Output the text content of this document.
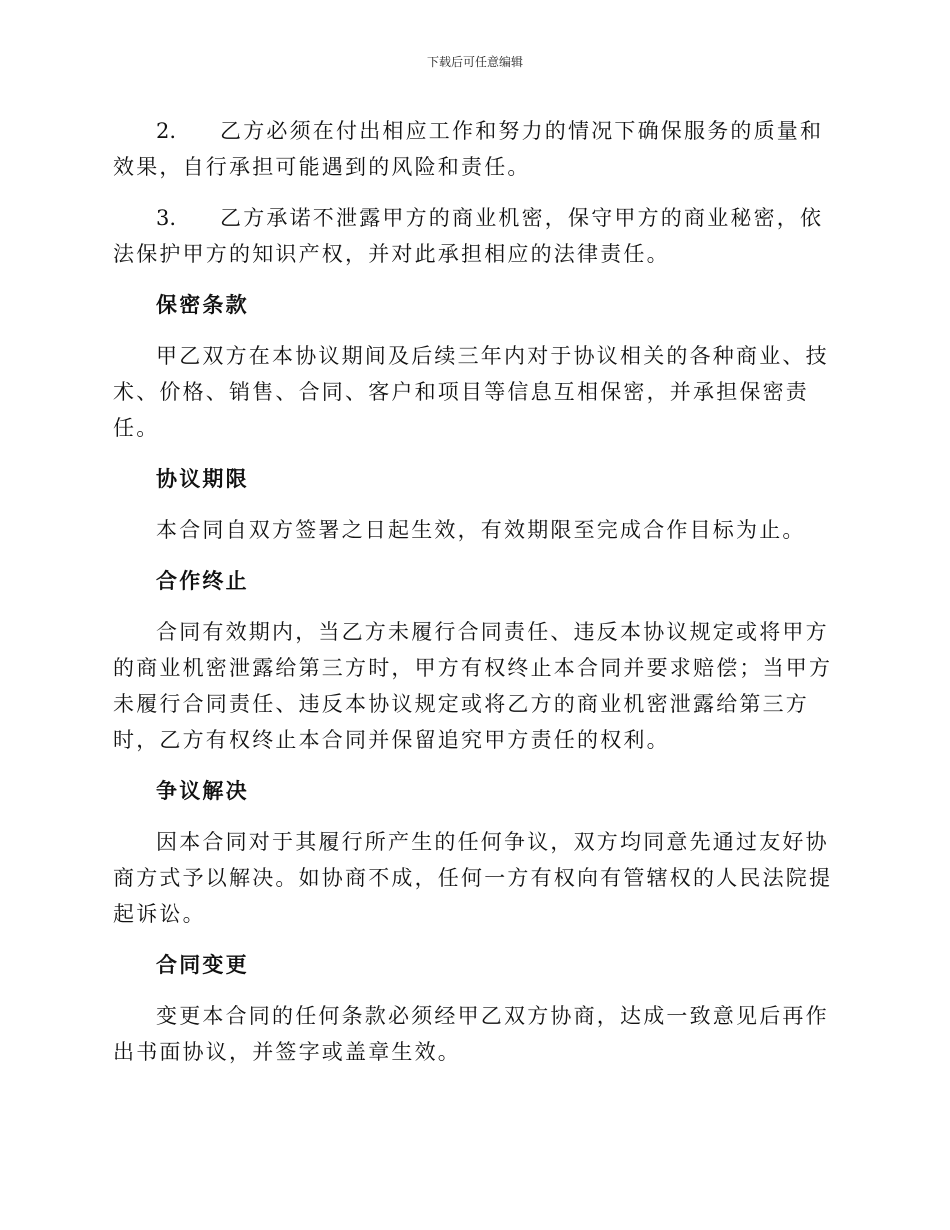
下载后可任意编辑

2. 乙方必须在付出相应工作和努力的情况下确保服务的质量和效果，自行承担可能遇到的风险和责任。

3. 乙方承诺不泄露甲方的商业机密，保守甲方的商业秘密，依法保护甲方的知识产权，并对此承担相应的法律责任。

保密条款

甲乙双方在本协议期间及后续三年内对于协议相关的各种商业、技术、价格、销售、合同、客户和项目等信息互相保密，并承担保密责任。

协议期限

本合同自双方签署之日起生效，有效期限至完成合作目标为止。

合作终止

合同有效期内，当乙方未履行合同责任、违反本协议规定或将甲方的商业机密泄露给第三方时，甲方有权终止本合同并要求赔偿；当甲方未履行合同责任、违反本协议规定或将乙方的商业机密泄露给第三方时，乙方有权终止本合同并保留追究甲方责任的权利。

争议解决

因本合同对于其履行所产生的任何争议，双方均同意先通过友好协商方式予以解决。如协商不成，任何一方有权向有管辖权的人民法院提起诉讼。

合同变更

变更本合同的任何条款必须经甲乙双方协商，达成一致意见后再作出书面协议，并签字或盖章生效。
